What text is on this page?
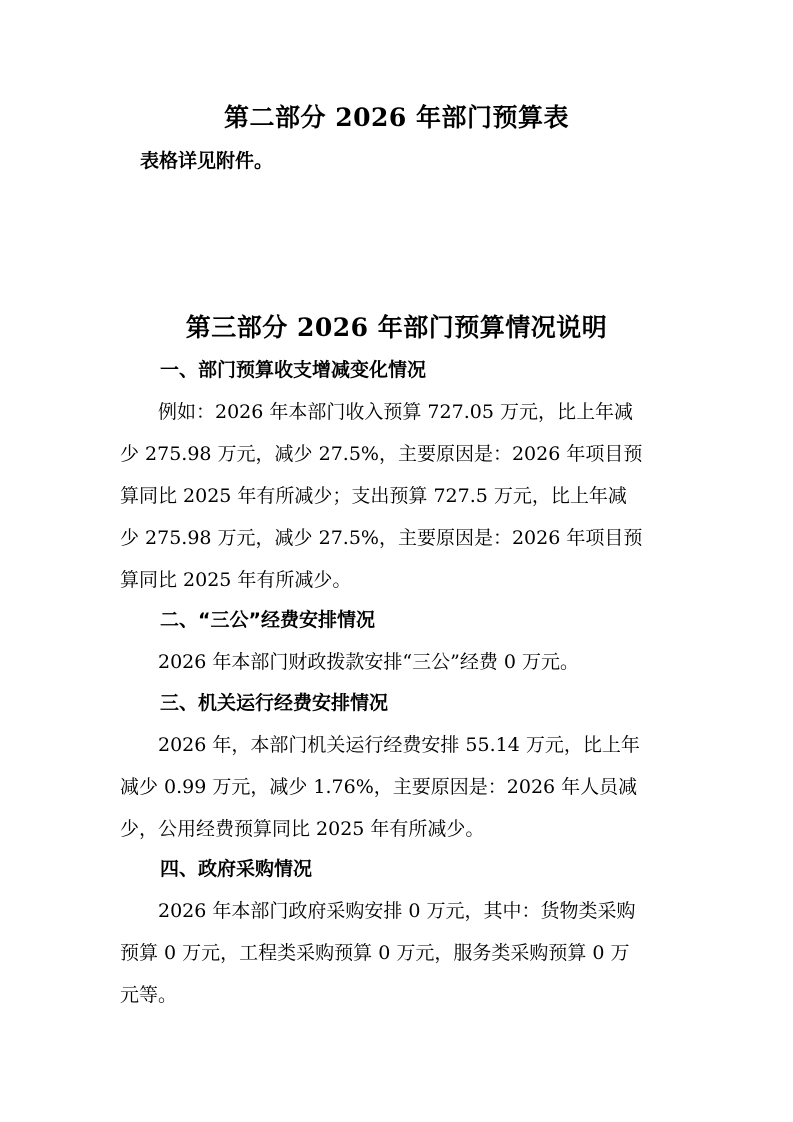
第二部分 2026 年部门预算表
表格详见附件。
第三部分 2026 年部门预算情况说明
一、部门预算收支增减变化情况
　　例如：2026 年本部门收入预算 727.05 万元，比上年减
少 275.98 万元，减少 27.5%，主要原因是：2026 年项目预
算同比 2025 年有所减少；支出预算 727.5 万元，比上年减
少 275.98 万元，减少 27.5%，主要原因是：2026 年项目预
算同比 2025 年有所减少。
二、“三公”经费安排情况
　　2026 年本部门财政拨款安排“三公”经费 0 万元。
三、机关运行经费安排情况
　　2026 年，本部门机关运行经费安排 55.14 万元，比上年
减少 0.99 万元，减少 1.76%，主要原因是：2026 年人员减
少，公用经费预算同比 2025 年有所减少。
四、政府采购情况
　　2026 年本部门政府采购安排 0 万元，其中：货物类采购
预算 0 万元，工程类采购预算 0 万元，服务类采购预算 0 万
元等。
